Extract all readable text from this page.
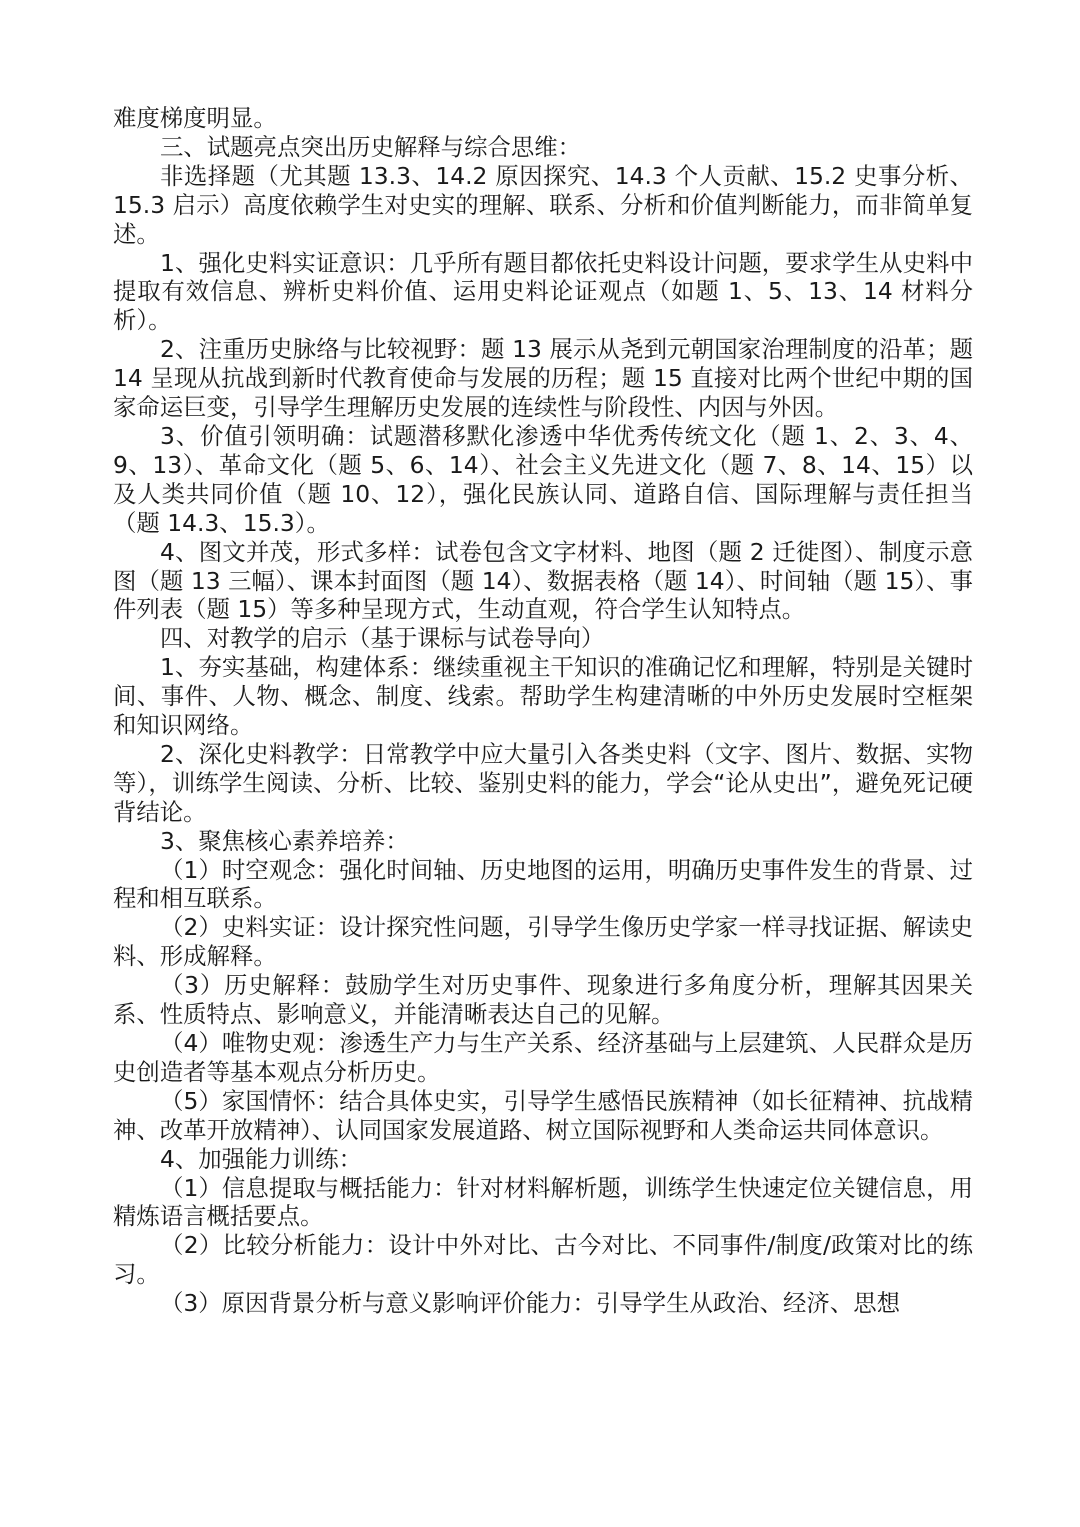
难度梯度明显。

三、试题亮点突出历史解释与综合思维：

非选择题（尤其题 13.3、14.2 原因探究、14.3 个人贡献、15.2 史事分析、15.3 启示）高度依赖学生对史实的理解、联系、分析和价值判断能力，而非简单复述。

1、强化史料实证意识：几乎所有题目都依托史料设计问题，要求学生从史料中提取有效信息、辨析史料价值、运用史料论证观点（如题 1、5、13、14 材料分析）。

2、注重历史脉络与比较视野：题 13 展示从尧到元朝国家治理制度的沿革；题 14 呈现从抗战到新时代教育使命与发展的历程；题 15 直接对比两个世纪中期的国家命运巨变，引导学生理解历史发展的连续性与阶段性、内因与外因。

3、价值引领明确：试题潜移默化渗透中华优秀传统文化（题 1、2、3、4、9、13）、革命文化（题 5、6、14）、社会主义先进文化（题 7、8、14、15）以及人类共同价值（题 10、12），强化民族认同、道路自信、国际理解与责任担当（题 14.3、15.3）。

4、图文并茂，形式多样：试卷包含文字材料、地图（题 2 迁徙图）、制度示意图（题 13 三幅）、课本封面图（题 14）、数据表格（题 14）、时间轴（题 15）、事件列表（题 15）等多种呈现方式，生动直观，符合学生认知特点。

四、对教学的启示（基于课标与试卷导向）

1、夯实基础，构建体系：继续重视主干知识的准确记忆和理解，特别是关键时间、事件、人物、概念、制度、线索。帮助学生构建清晰的中外历史发展时空框架和知识网络。

2、深化史料教学：日常教学中应大量引入各类史料（文字、图片、数据、实物等），训练学生阅读、分析、比较、鉴别史料的能力，学会“论从史出”，避免死记硬背结论。

3、聚焦核心素养培养：

（1）时空观念：强化时间轴、历史地图的运用，明确历史事件发生的背景、过程和相互联系。

（2）史料实证：设计探究性问题，引导学生像历史学家一样寻找证据、解读史料、形成解释。

（3）历史解释：鼓励学生对历史事件、现象进行多角度分析，理解其因果关系、性质特点、影响意义，并能清晰表达自己的见解。

（4）唯物史观：渗透生产力与生产关系、经济基础与上层建筑、人民群众是历史创造者等基本观点分析历史。

（5）家国情怀：结合具体史实，引导学生感悟民族精神（如长征精神、抗战精神、改革开放精神）、认同国家发展道路、树立国际视野和人类命运共同体意识。

4、加强能力训练：

（1）信息提取与概括能力：针对材料解析题，训练学生快速定位关键信息，用精炼语言概括要点。

（2）比较分析能力：设计中外对比、古今对比、不同事件/制度/政策对比的练习。

（3）原因背景分析与意义影响评价能力：引导学生从政治、经济、思想
